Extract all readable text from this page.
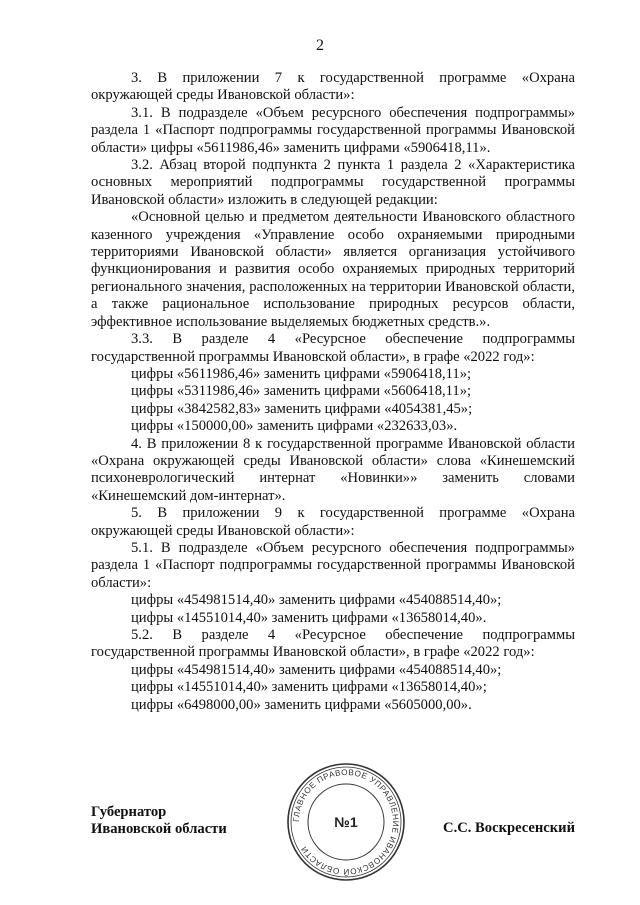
2

3. В приложении 7 к государственной программе «Охрана окружающей среды Ивановской области»:

3.1. В подразделе «Объем ресурсного обеспечения подпрограммы» раздела 1 «Паспорт подпрограммы государственной программы Ивановской области» цифры «5611986,46» заменить цифрами «5906418,11».

3.2. Абзац второй подпункта 2 пункта 1 раздела 2 «Характеристика основных мероприятий подпрограммы государственной программы Ивановской области» изложить в следующей редакции:

«Основной целью и предметом деятельности Ивановского областного казенного учреждения «Управление особо охраняемыми природными территориями Ивановской области» является организация устойчивого функционирования и развития особо охраняемых природных территорий регионального значения, расположенных на территории Ивановской области, а также рациональное использование природных ресурсов области, эффективное использование выделяемых бюджетных средств.».

3.3. В разделе 4 «Ресурсное обеспечение подпрограммы государственной программы Ивановской области», в графе «2022 год»:

цифры «5611986,46» заменить цифрами «5906418,11»;

цифры «5311986,46» заменить цифрами «5606418,11»;

цифры «3842582,83» заменить цифрами «4054381,45»;

цифры «150000,00» заменить цифрами «232633,03».

4. В приложении 8 к государственной программе Ивановской области «Охрана окружающей среды Ивановской области» слова «Кинешемский психоневрологический интернат «Новинки»» заменить словами «Кинешемский дом-интернат».

5. В приложении 9 к государственной программе «Охрана окружающей среды Ивановской области»:

5.1. В подразделе «Объем ресурсного обеспечения подпрограммы» раздела 1 «Паспорт подпрограммы государственной программы Ивановской области»:

цифры «454981514,40» заменить цифрами «454088514,40»;

цифры «14551014,40» заменить цифрами «13658014,40».

5.2. В разделе 4 «Ресурсное обеспечение подпрограммы государственной программы Ивановской области», в графе «2022 год»:

цифры «454981514,40» заменить цифрами «454088514,40»;

цифры «14551014,40» заменить цифрами «13658014,40»;

цифры «6498000,00» заменить цифрами «5605000,00».

Губернатор
Ивановской области	С.С. Воскресенский
ГЛАВНОЕ ПРАВОВОЕ УПРАВЛЕНИЕ ИВАНОВСКОЙ ОБЛАСТИ
№1
